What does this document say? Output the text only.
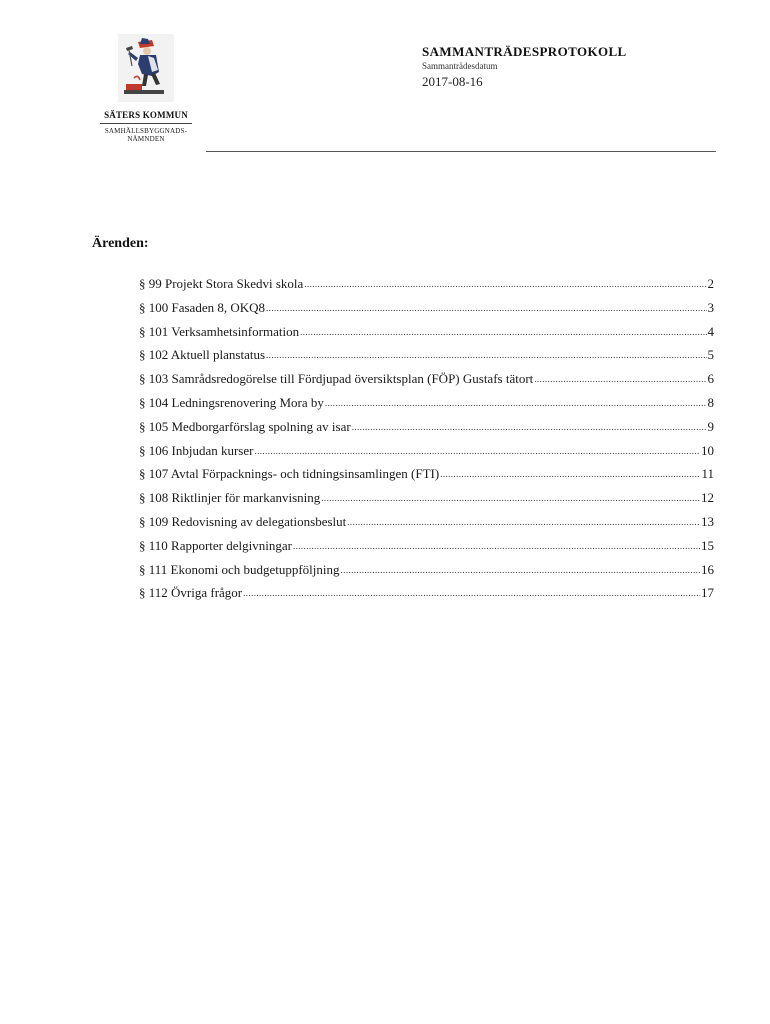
SÄTERS KOMMUN
SAMHÄLLSBYGGNADS-
NÄMNDEN
SAMMANTRÄDESPROTOKOLL
Sammanträdesdatum
2017-08-16
Ärenden:
§ 99 Projekt Stora Skedvi skola .....	2
§ 100 Fasaden 8, OKQ8 .....	3
§ 101 Verksamhetsinformation .....	4
§ 102 Aktuell planstatus .....	5
§ 103 Samrådsredogörelse till Fördjupad översiktsplan (FÖP) Gustafs tätort .....	6
§ 104 Ledningsrenovering Mora by .....	8
§ 105 Medborgarförslag spolning av isar .....	9
§ 106 Inbjudan kurser .....	10
§ 107 Avtal Förpacknings- och tidningsinsamlingen (FTI) .....	11
§ 108 Riktlinjer för markanvisning .....	12
§ 109 Redovisning av delegationsbeslut .....	13
§ 110 Rapporter delgivningar .....	15
§ 111 Ekonomi och budgetuppföljning .....	16
§ 112 Övriga frågor .....	17
